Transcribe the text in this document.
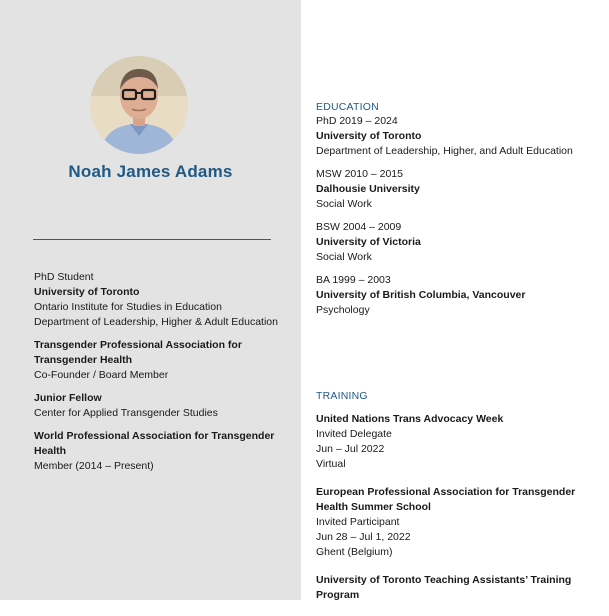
Noah James Adams
PhD Student
University of Toronto
Ontario Institute for Studies in Education
Department of Leadership, Higher & Adult Education
Transgender Professional Association for Transgender Health
Co-Founder / Board Member
Junior Fellow
Center for Applied Transgender Studies
World Professional Association for Transgender Health
Member (2014 – Present)
EDUCATION
PhD 2019 – 2024
University of Toronto
Department of Leadership, Higher, and Adult Education
MSW 2010 – 2015
Dalhousie University
Social Work
BSW 2004 – 2009
University of Victoria
Social Work
BA 1999 – 2003
University of British Columbia, Vancouver
Psychology
TRAINING
United Nations Trans Advocacy Week
Invited Delegate
Jun – Jul 2022
Virtual
European Professional Association for Transgender Health Summer School
Invited Participant
Jun 28 – Jul 1, 2022
Ghent (Belgium)
University of Toronto Teaching Assistants’ Training Program
